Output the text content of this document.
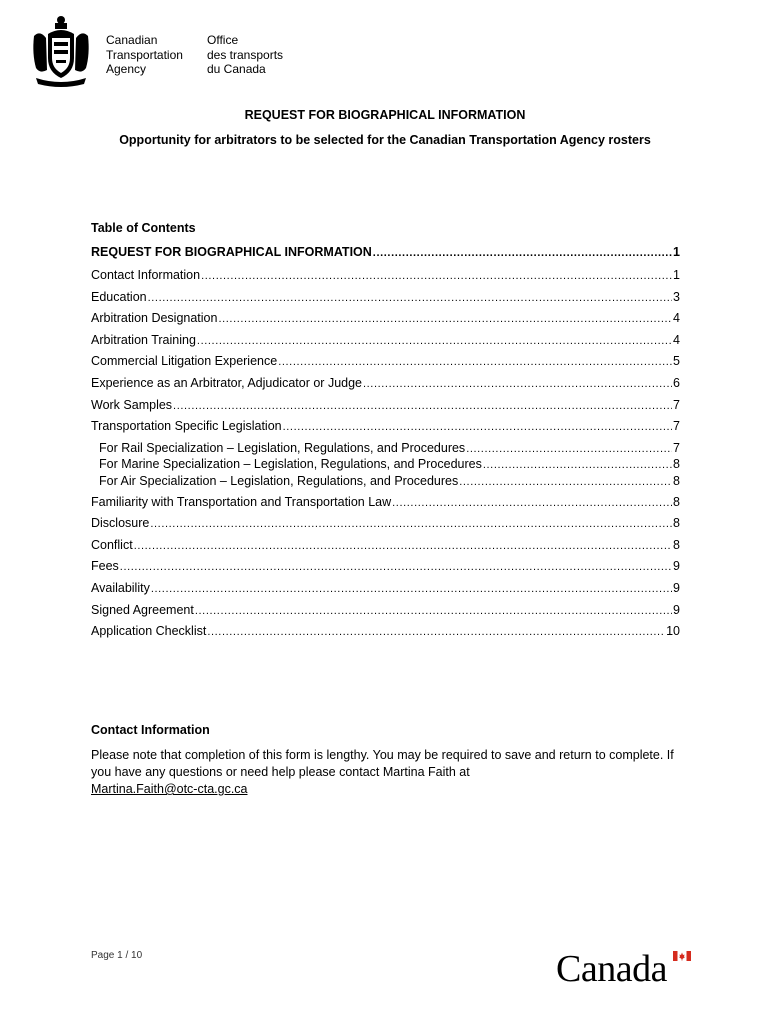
Canadian
Transportation
Agency
Office
des transports
du Canada
REQUEST FOR BIOGRAPHICAL INFORMATION
Opportunity for arbitrators to be selected for the Canadian Transportation Agency rosters
Table of Contents
REQUEST FOR BIOGRAPHICAL INFORMATION .....	1
Contact Information .....	1
Education .....	3
Arbitration Designation .....	4
Arbitration Training .....	4
Commercial Litigation Experience .....	5
Experience as an Arbitrator, Adjudicator or Judge .....	6
Work Samples .....	7
Transportation Specific Legislation .....	7
For Rail Specialization – Legislation, Regulations, and Procedures .....	7
For Marine Specialization – Legislation, Regulations, and Procedures .....	8
For Air Specialization – Legislation, Regulations, and Procedures .....	8
Familiarity with Transportation and Transportation Law .....	8
Disclosure .....	8
Conflict .....	8
Fees .....	9
Availability .....	9
Signed Agreement .....	9
Application Checklist .....	10
Contact Information
Please note that completion of this form is lengthy. You may be required to save and return to complete. If you have any questions or need help please contact Martina Faith at
Martina.Faith@otc-cta.gc.ca
Page 1 / 10	Canada
